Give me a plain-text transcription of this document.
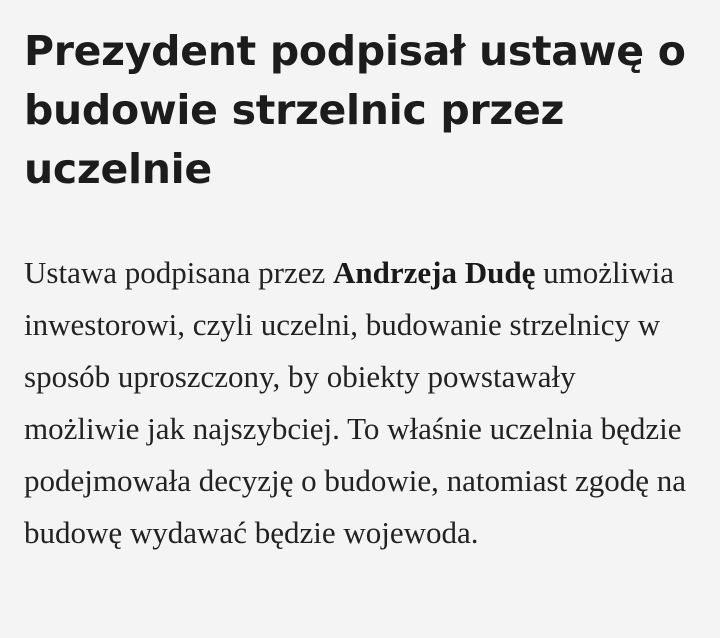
Prezydent podpisał ustawę o budowie strzelnic przez uczelnie

Ustawa podpisana przez Andrzeja Dudę umożliwia inwestorowi, czyli uczelni, budowanie strzelnicy w sposób uproszczony, by obiekty powstawały możliwie jak najszybciej. To właśnie uczelnia będzie podejmowała decyzję o budowie, natomiast zgodę na budowę wydawać będzie wojewoda.
